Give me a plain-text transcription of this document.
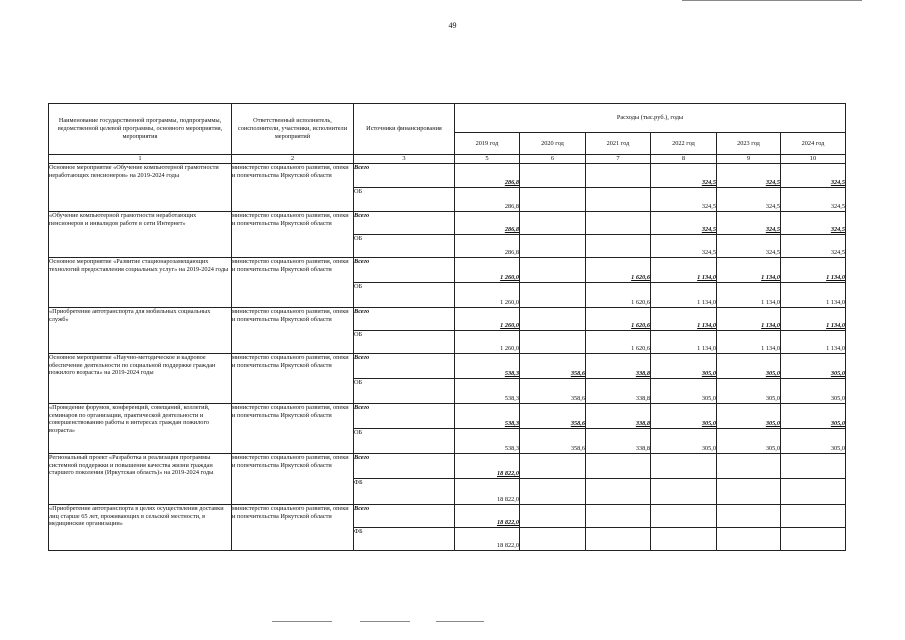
49
Наименование государственной программы, подпрограммы, ведомственной целевой программы, основного мероприятия, мероприятия	Ответственный исполнитель, соисполнители, участники, исполнители мероприятий	Источники финансирования	Расходы (тыс.руб.), годы					
			2019 год	2020 год	2021 год	2022 год	2023 год	2024 год
1	2	3	5	6	7	8	9	10
Основное мероприятие «Обучение компьютерной грамотности неработающих пенсионеров» на 2019-2024 годы	министерство социального развития, опеки и попечительства Иркутской области	Всего	286,8			324,5	324,5	324,5
		ОБ	286,8			324,5	324,5	324,5
«Обучение компьютерной грамотности неработающих пенсионеров и инвалидов работе в сети Интернет»	министерство социального развития, опеки и попечительства Иркутской области	Всего	286,8			324,5	324,5	324,5
		ОБ	286,8			324,5	324,5	324,5
Основное мероприятие «Развитие стационарозамещающих технологий предоставления социальных услуг» на 2019-2024 годы	министерство социального развития, опеки и попечительства Иркутской области	Всего	1 260,0		1 620,6	1 134,0	1 134,0	1 134,0
		ОБ	1 260,0		1 620,6	1 134,0	1 134,0	1 134,0
«Приобретение автотранспорта для мобильных социальных служб»	министерство социального развития, опеки и попечительства Иркутской области	Всего	1 260,0		1 620,6	1 134,0	1 134,0	1 134,0
		ОБ	1 260,0		1 620,6	1 134,0	1 134,0	1 134,0
Основное мероприятие «Научно-методическое и кадровое обеспечение деятельности по социальной поддержке граждан пожилого возраста» на 2019-2024 годы	министерство социального развития, опеки и попечительства Иркутской области	Всего	538,3	358,6	338,8	305,0	305,0	305,0
		ОБ	538,3	358,6	338,8	305,0	305,0	305,0
«Проведение форумов, конференций, совещаний, коллегий, семинаров по организации, практической деятельности и совершенствованию работы в интересах граждан пожилого возраста»	министерство социального развития, опеки и попечительства Иркутской области	Всего	538,3	358,6	338,8	305,0	305,0	305,0
		ОБ	538,3	358,6	338,8	305,0	305,0	305,0
Региональный проект «Разработка и реализация программы системной поддержки и повышения качества жизни граждан старшего поколения (Иркутская область)» на 2019-2024 годы	министерство социального развития, опеки и попечительства Иркутской области	Всего	18 822,0					
		ФБ	18 822,0					
«Приобретение автотранспорта в целях осуществления доставки лиц старше 65 лет, проживающих в сельской местности, в медицинские организации»	министерство социального развития, опеки и попечительства Иркутской области	Всего	18 822,0					
		ФБ	18 822,0					
